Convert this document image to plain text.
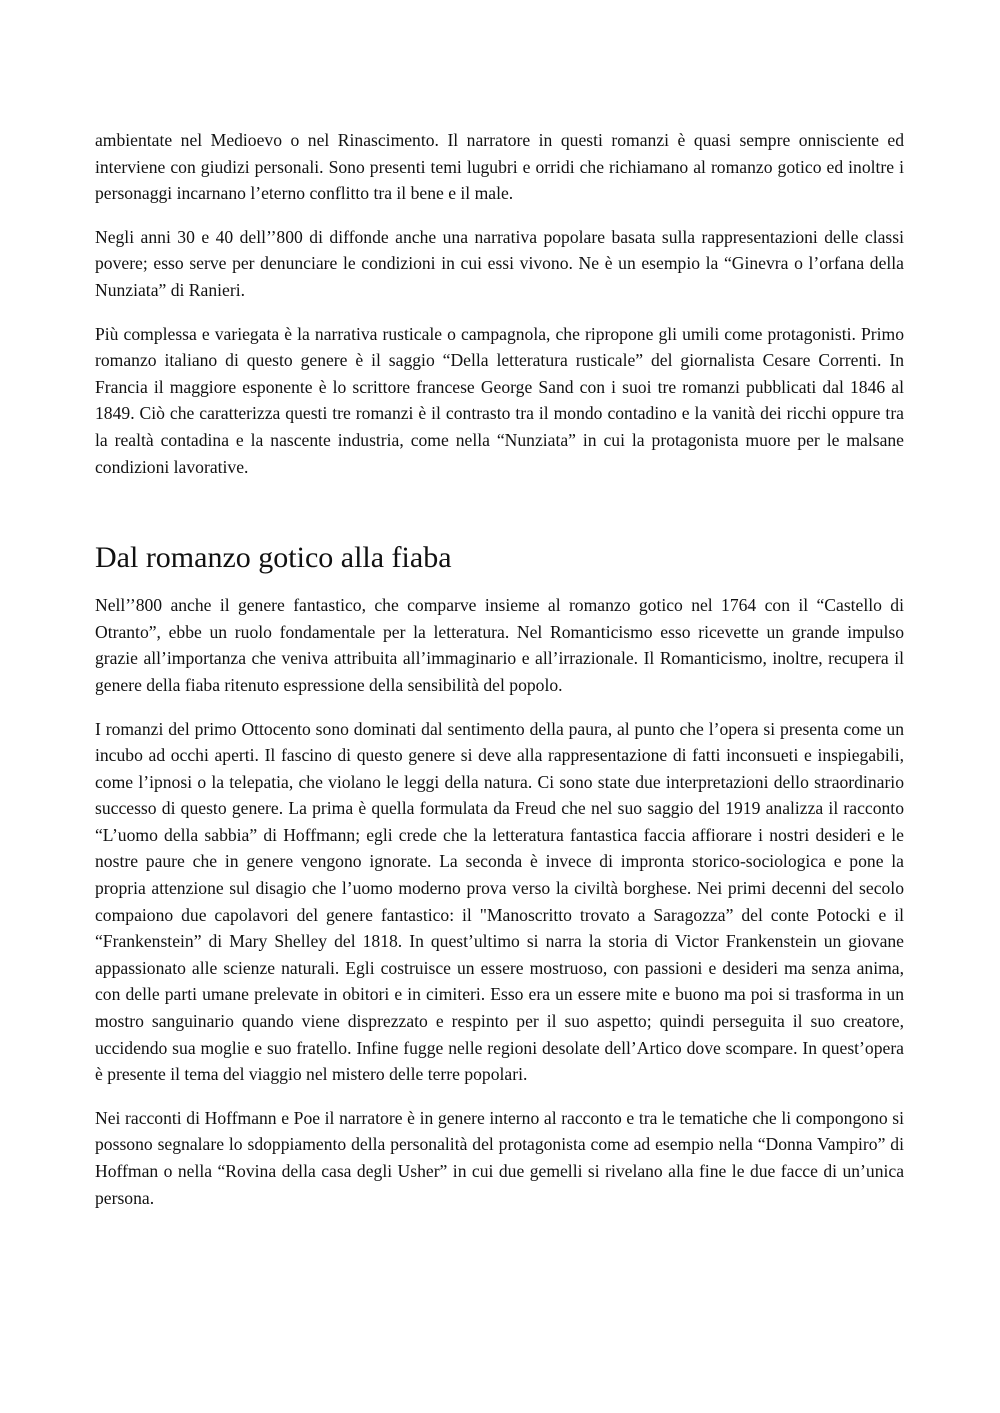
ambientate nel Medioevo o nel Rinascimento. Il narratore in questi romanzi è quasi sempre onnisciente ed interviene con giudizi personali. Sono presenti temi lugubri e orridi che richiamano al romanzo gotico ed inoltre i personaggi incarnano l’eterno conflitto tra il bene e il male.

Negli anni 30 e 40 dell’’800 di diffonde anche una narrativa popolare basata sulla rappresentazioni delle classi povere; esso serve per denunciare le condizioni in cui essi vivono. Ne è un esempio la “Ginevra o l’orfana della Nunziata” di Ranieri.

Più complessa e variegata è la narrativa rusticale o campagnola, che ripropone gli umili come protagonisti. Primo romanzo italiano di questo genere è il saggio “Della letteratura rusticale” del giornalista Cesare Correnti. In Francia il maggiore esponente è lo scrittore francese George Sand con i suoi tre romanzi pubblicati dal 1846 al 1849. Ciò che caratterizza questi tre romanzi è il contrasto tra il mondo contadino e la vanità dei ricchi oppure tra la realtà contadina e la nascente industria, come nella “Nunziata” in cui la protagonista muore per le malsane condizioni lavorative.

Dal romanzo gotico alla fiaba

Nell’’800 anche il genere fantastico, che comparve insieme al romanzo gotico nel 1764 con il “Castello di Otranto”, ebbe un ruolo fondamentale per la letteratura. Nel Romanticismo esso ricevette un grande impulso grazie all’importanza che veniva attribuita all’immaginario e all’irrazionale. Il Romanticismo, inoltre, recupera il genere della fiaba ritenuto espressione della sensibilità del popolo.

I romanzi del primo Ottocento sono dominati dal sentimento della paura, al punto che l’opera si presenta come un incubo ad occhi aperti. Il fascino di questo genere si deve alla rappresentazione di fatti inconsueti e inspiegabili, come l’ipnosi o la telepatia, che violano le leggi della natura. Ci sono state due interpretazioni dello straordinario successo di questo genere. La prima è quella formulata da Freud che nel suo saggio del 1919 analizza il racconto “L’uomo della sabbia” di Hoffmann; egli crede che la letteratura fantastica faccia affiorare i nostri desideri e le nostre paure che in genere vengono ignorate. La seconda è invece di impronta storico-sociologica e pone la propria attenzione sul disagio che l’uomo moderno prova verso la civiltà borghese. Nei primi decenni del secolo compaiono due capolavori del genere fantastico: il "Manoscritto trovato a Saragozza” del conte Potocki e il “Frankenstein” di Mary Shelley del 1818. In quest’ultimo si narra la storia di Victor Frankenstein un giovane appassionato alle scienze naturali. Egli costruisce un essere mostruoso, con passioni e desideri ma senza anima, con delle parti umane prelevate in obitori e in cimiteri. Esso era un essere mite e buono ma poi si trasforma in un mostro sanguinario quando viene disprezzato e respinto per il suo aspetto; quindi perseguita il suo creatore, uccidendo sua moglie e suo fratello. Infine fugge nelle regioni desolate dell’Artico dove scompare. In quest’opera è presente il tema del viaggio nel mistero delle terre popolari.

Nei racconti di Hoffmann e Poe il narratore è in genere interno al racconto e tra le tematiche che li compongono si possono segnalare lo sdoppiamento della personalità del protagonista come ad esempio nella “Donna Vampiro” di Hoffman o nella “Rovina della casa degli Usher” in cui due gemelli si rivelano alla fine le due facce di un’unica persona.
